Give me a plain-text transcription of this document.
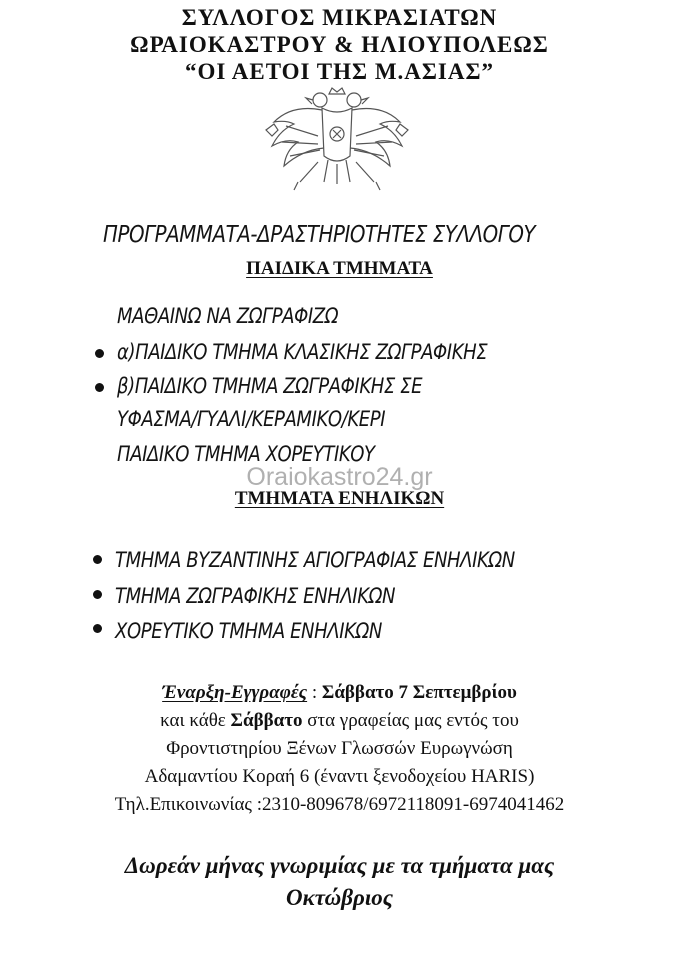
ΣΥΛΛΟΓΟΣ ΜΙΚΡΑΣΙΑΤΩΝ
ΩΡΑΙΟΚΑΣΤΡΟΥ & ΗΛΙΟΥΠΟΛΕΩΣ
“ΟΙ ΑΕΤΟΙ ΤΗΣ Μ.ΑΣΙΑΣ”
ΠΡΟΓΡΑΜΜΑΤΑ-ΔΡΑΣΤΗΡΙΟΤΗΤΕΣ ΣΥΛΛΟΓΟΥ
ΠΑΙΔΙΚΑ ΤΜΗΜΑΤΑ
ΜΑΘΑΙΝΩ ΝΑ ΖΩΓΡΑΦΙΖΩ
α)ΠΑΙΔΙΚΟ ΤΜΗΜΑ ΚΛΑΣΙΚΗΣ ΖΩΓΡΑΦΙΚΗΣ
β)ΠΑΙΔΙΚΟ ΤΜΗΜΑ ΖΩΓΡΑΦΙΚΗΣ ΣΕ
ΥΦΑΣΜΑ/ΓΥΑΛΙ/ΚΕΡΑΜΙΚΟ/ΚΕΡΙ
ΠΑΙΔΙΚΟ ΤΜΗΜΑ ΧΟΡΕΥΤΙΚΟΥ
Oraiokastro24.gr
ΤΜΗΜΑΤΑ ΕΝΗΛΙΚΩΝ
ΤΜΗΜΑ ΒΥΖΑΝΤΙΝΗΣ ΑΓΙΟΓΡΑΦΙΑΣ ΕΝΗΛΙΚΩΝ
ΤΜΗΜΑ ΖΩΓΡΑΦΙΚΗΣ ΕΝΗΛΙΚΩΝ
ΧΟΡΕΥΤΙΚΟ ΤΜΗΜΑ ΕΝΗΛΙΚΩΝ
Έναρξη-Εγγραφές : Σάββατο 7 Σεπτεμβρίου
και κάθε Σάββατο στα γραφείας μας εντός του
Φροντιστηρίου Ξένων Γλωσσών Ευρωγνώση
Αδαμαντίου Κοραή 6 (έναντι ξενοδοχείου HARIS)
Τηλ.Επικοινωνίας :2310-809678/6972118091-6974041462
Δωρεάν μήνας γνωριμίας με τα τμήματα μας
Οκτώβριος
